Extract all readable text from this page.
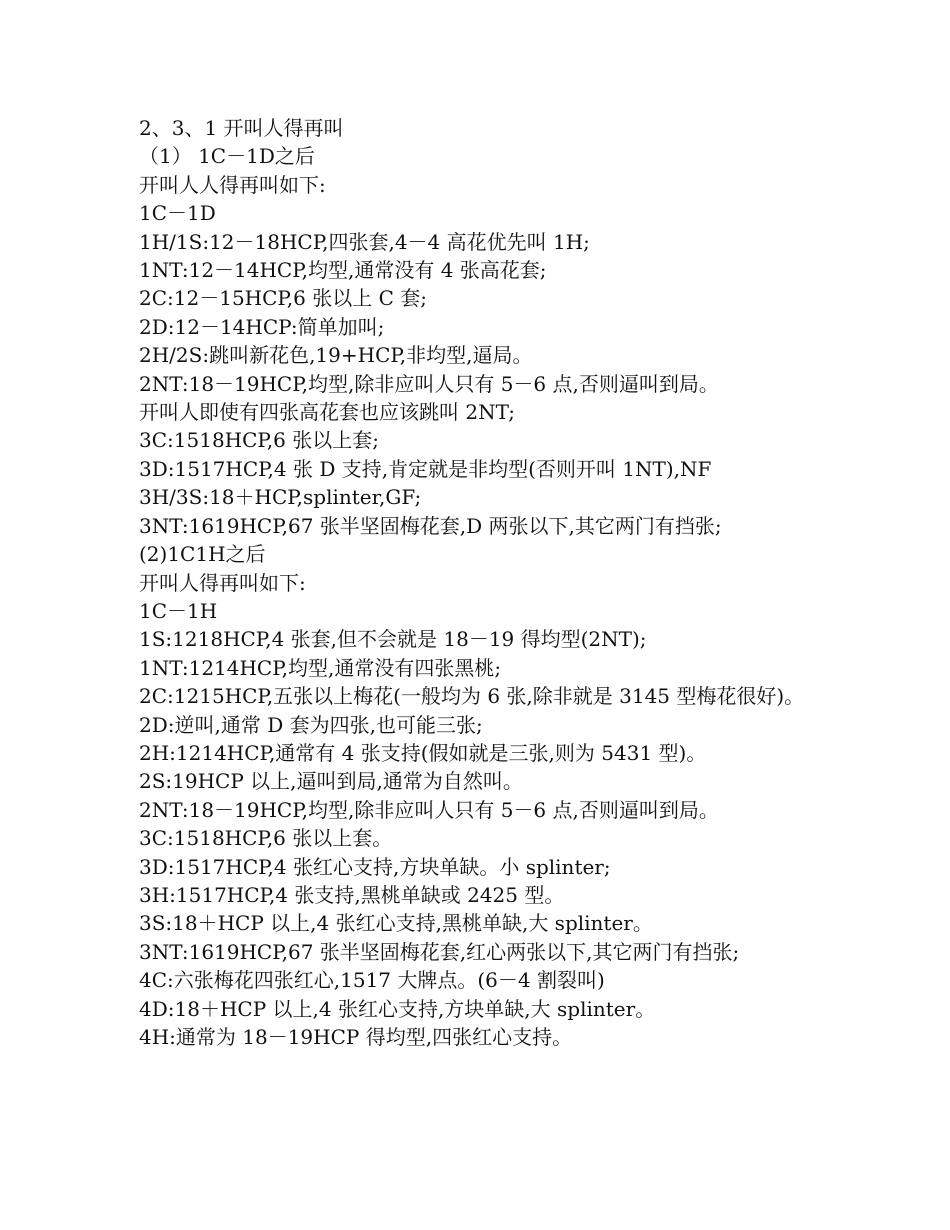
2、3、1 开叫人得再叫

（1） 1C－1D之后

开叫人人得再叫如下:

1C－1D

1H/1S:12－18HCP,四张套,4－4 高花优先叫 1H;

1NT:12－14HCP,均型,通常没有 4 张高花套;

2C:12－15HCP,6 张以上 C 套;

2D:12－14HCP:简单加叫;

2H/2S:跳叫新花色,19+HCP,非均型,逼局。

2NT:18－19HCP,均型,除非应叫人只有 5－6 点,否则逼叫到局。

开叫人即使有四张高花套也应该跳叫 2NT;

3C:1518HCP,6 张以上套;

3D:1517HCP,4 张 D 支持,肯定就是非均型(否则开叫 1NT),NF

3H/3S:18＋HCP,splinter,GF;

3NT:1619HCP,67 张半坚固梅花套,D 两张以下,其它两门有挡张;

(2)1C1H之后

开叫人得再叫如下:

1C－1H

1S:1218HCP,4 张套,但不会就是 18－19 得均型(2NT);

1NT:1214HCP,均型,通常没有四张黑桃;

2C:1215HCP,五张以上梅花(一般均为 6 张,除非就是 3145 型梅花很好)。

2D:逆叫,通常 D 套为四张,也可能三张;

2H:1214HCP,通常有 4 张支持(假如就是三张,则为 5431 型)。

2S:19HCP 以上,逼叫到局,通常为自然叫。

2NT:18－19HCP,均型,除非应叫人只有 5－6 点,否则逼叫到局。

3C:1518HCP,6 张以上套。

3D:1517HCP,4 张红心支持,方块单缺。小 splinter;

3H:1517HCP,4 张支持,黑桃单缺或 2425 型。

3S:18＋HCP 以上,4 张红心支持,黑桃单缺,大 splinter。

3NT:1619HCP,67 张半坚固梅花套,红心两张以下,其它两门有挡张;

4C:六张梅花四张红心,1517 大牌点。(6－4 割裂叫)

4D:18＋HCP 以上,4 张红心支持,方块单缺,大 splinter。

4H:通常为 18－19HCP 得均型,四张红心支持。
